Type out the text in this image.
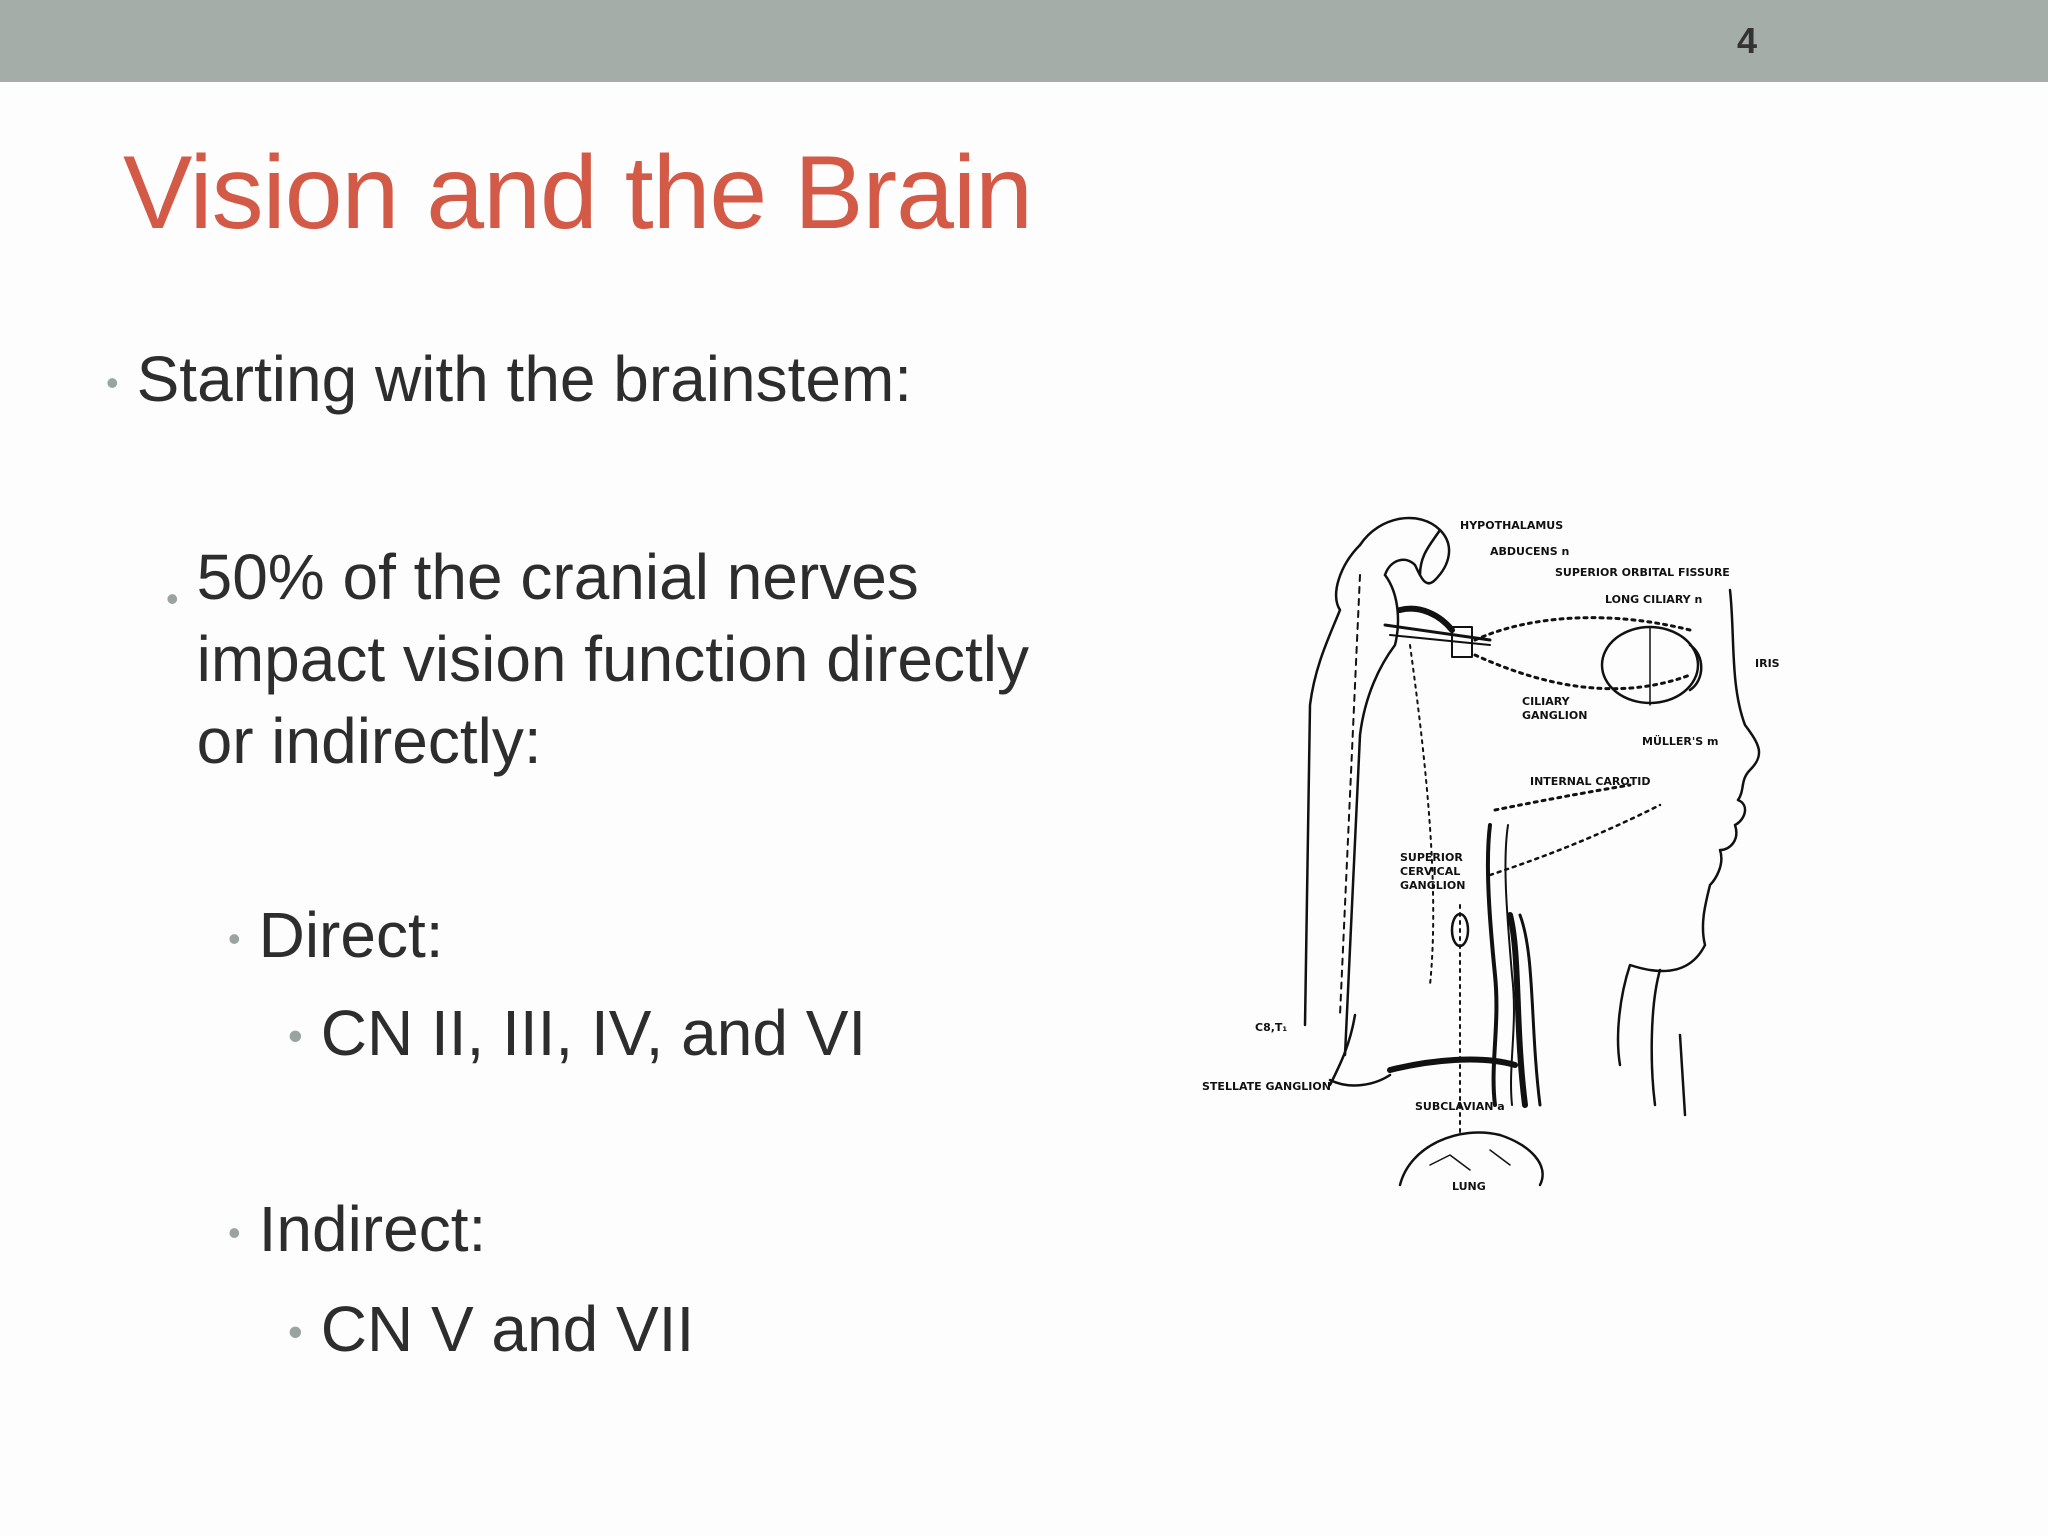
4
Vision and the Brain
• Starting with the brainstem:
• 50% of the cranial nerves impact vision function directly or indirectly:
• Direct:
• CN II, III, IV, and VI
• Indirect:
• CN V and VII
HYPOTHALAMUS
ABDUCENS n
SUPERIOR ORBITAL FISSURE
LONG CILIARY n
IRIS
CILIARY
GANGLION
MÜLLER'S m
INTERNAL CAROTID
SUPERIOR
CERVICAL
GANGLION
C8,T₁
STELLATE GANGLION
SUBCLAVIAN a
LUNG
